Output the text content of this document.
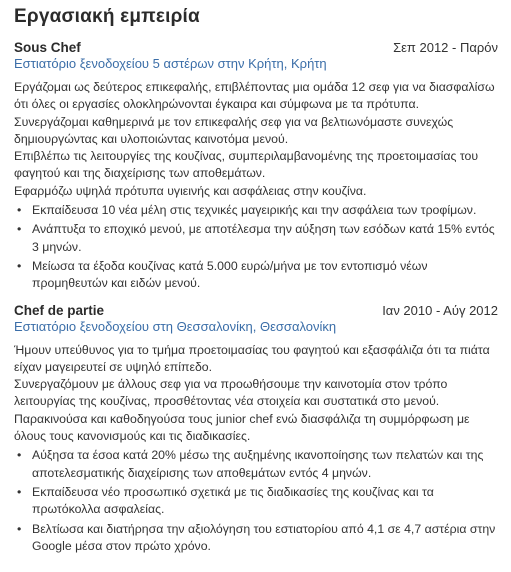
Εργασιακή εμπειρία
Sous Chef	Σεπ 2012 - Παρόν
Εστιατόριο ξενοδοχείου 5 αστέρων στην Κρήτη, Κρήτη

Εργάζομαι ως δεύτερος επικεφαλής, επιβλέποντας μια ομάδα 12 σεφ για να διασφαλίσω ότι όλες οι εργασίες ολοκληρώνονται έγκαιρα και σύμφωνα με τα πρότυπα.

Συνεργάζομαι καθημερινά με τον επικεφαλής σεφ για να βελτιωνόμαστε συνεχώς δημιουργώντας και υλοποιώντας καινοτόμα μενού.

Επιβλέπω τις λειτουργίες της κουζίνας, συμπεριλαμβανομένης της προετοιμασίας του φαγητού και της διαχείρισης των αποθεμάτων.

Εφαρμόζω υψηλά πρότυπα υγιεινής και ασφάλειας στην κουζίνα.

• Εκπαίδευσα 10 νέα μέλη στις τεχνικές μαγειρικής και την ασφάλεια των τροφίμων.
• Ανάπτυξα το εποχικό μενού, με αποτέλεσμα την αύξηση των εσόδων κατά 15% εντός 3 μηνών.
• Μείωσα τα έξοδα κουζίνας κατά 5.000 ευρώ/μήνα με τον εντοπισμό νέων προμηθευτών και ειδών μενού.
Chef de partie	Ιαν 2010 - Αύγ 2012
Εστιατόριο ξενοδοχείου στη Θεσσαλονίκη, Θεσσαλονίκη

Ήμουν υπεύθυνος για το τμήμα προετοιμασίας του φαγητού και εξασφάλιζα ότι τα πιάτα είχαν μαγειρευτεί σε υψηλό επίπεδο.

Συνεργαζόμουν με άλλους σεφ για να προωθήσουμε την καινοτομία στον τρόπο λειτουργίας της κουζίνας, προσθέτοντας νέα στοιχεία και συστατικά στο μενού.

Παρακινούσα και καθοδηγούσα τους junior chef ενώ διασφάλιζα τη συμμόρφωση με όλους τους κανονισμούς και τις διαδικασίες.

• Αύξησα τα έσοα κατά 20% μέσω της αυξημένης ικανοποίησης των πελατών και της αποτελεσματικής διαχείρισης των αποθεμάτων εντός 4 μηνών.
• Εκπαίδευσα νέο προσωπικό σχετικά με τις διαδικασίες της κουζίνας και τα πρωτόκολλα ασφαλείας.
• Βελτίωσα και διατήρησα την αξιολόγηση του εστιατορίου από 4,1 σε 4,7 αστέρια στην Google μέσα στον πρώτο χρόνο.
